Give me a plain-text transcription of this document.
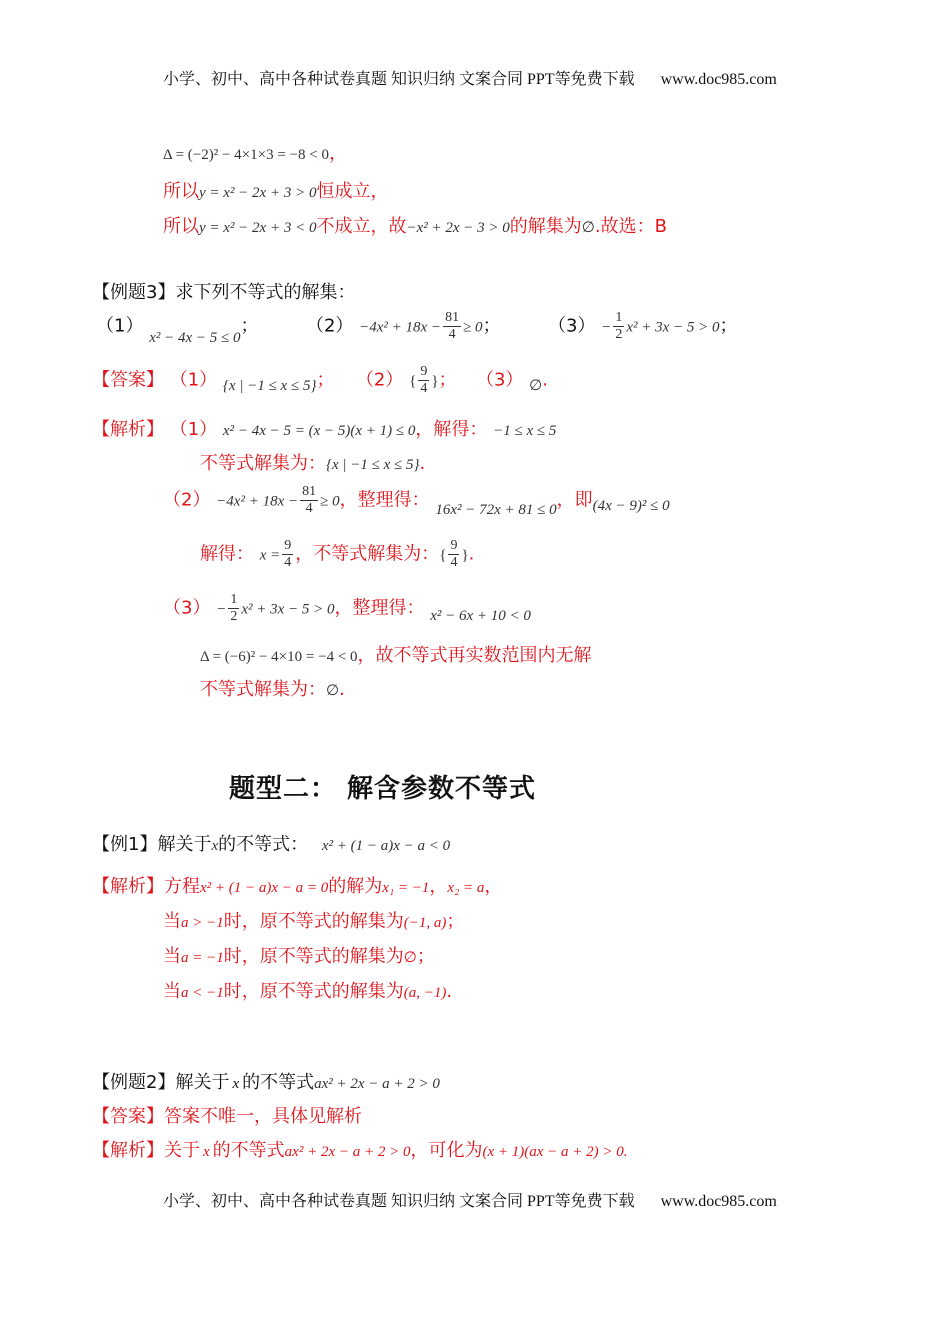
小学、初中、高中各种试卷真题 知识归纳 文案合同 PPT等免费下载 www.doc985.com
Δ = (−2)² − 4×1×3 = −8 < 0，
所以y = x² − 2x + 3 > 0恒成立，
所以y = x² − 2x + 3 < 0不成立，故−x² + 2x − 3 > 0的解集为∅.故选：B
【例题3】求下列不等式的解集：
（1） $_{x^2 - 4x - 5 \le 0}$；	$(2) -4x^2 + 18x - \frac{81}{4} \ge 0$；	$(3) - \frac{1}{2} x^2 + 3x - 5 > 0$；
【答案】 （1） $_{\{x | -1 \le x \le 5\}}$； （2） { $\frac{9}{4}$ }； （3） $_\emptyset$.
【解析】 （1） x² − 4x − 5 = (x − 5)(x + 1) ≤ 0，解得： −1 ≤ x ≤ 5
不等式解集为：{x | −1 ≤ x ≤ 5}.
$(2) -4x^2 + 18x - \frac{81}{4} \ge 0$，整理得： $_{16x^2 - 72x + 81 \le 0}$，即$_{(4x - 9)^2 \le 0}$
解得： $x = \frac{9}{4}$ ，不等式解集为：{ $\frac{9}{4}$ }.
$(3) - \frac{1}{2} x^2 + 3x - 5 > 0$，整理得： $_{x^2 - 6x + 10 < 0}$
Δ = (−6)² − 4×10 = −4 < 0，故不等式再实数范围内无解
不等式解集为：∅.
题型二： 解含参数不等式
【例1】解关于x的不等式： x² + (1 − a)x − a < 0
【解析】方程x² + (1 − a)x − a = 0的解为x₁ = −1，x₂ = a，
当a > −1时，原不等式的解集为(−1, a)；
当a = −1时，原不等式的解集为∅；
当a < −1时，原不等式的解集为(a, −1).
【例题2】解关于 x 的不等式ax² + 2x − a + 2 > 0
【答案】答案不唯一，具体见解析
【解析】关于 x 的不等式ax² + 2x − a + 2 > 0，可化为(x + 1)(ax − a + 2) > 0.
小学、初中、高中各种试卷真题 知识归纳 文案合同 PPT等免费下载 www.doc985.com
